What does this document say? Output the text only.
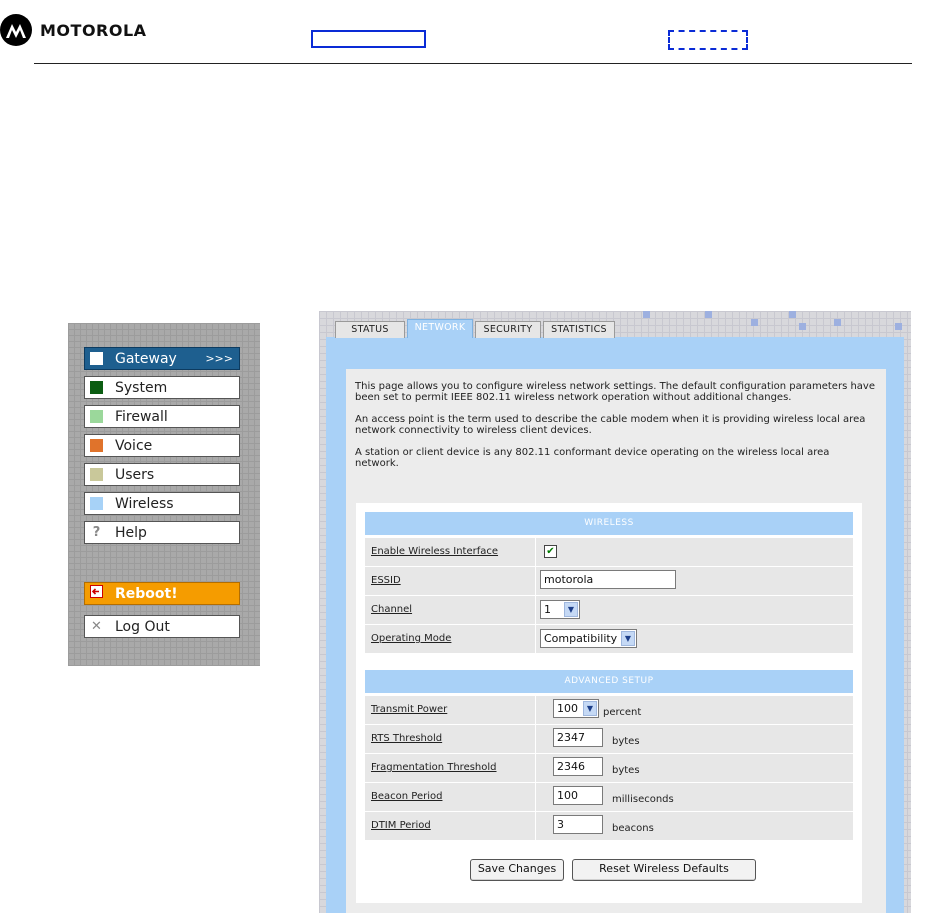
MOTOROLA
Gateway	>>>
System
Firewall
Voice
Users
Wireless
? Help
Reboot!
✕ Log Out
STATUS	NETWORK	SECURITY	STATISTICS

This page allows you to configure wireless network settings. The default configuration parameters have been set to permit IEEE 802.11 wireless network operation without additional changes.

An access point is the term used to describe the cable modem when it is providing wireless local area network connectivity to wireless client devices.

A station or client device is any 802.11 conformant device operating on the wireless local area network.

WIRELESS
Enable Wireless Interface	✔
ESSID	motorola
Channel	1	▼
Operating Mode	Compatibility ▼
ADVANCED SETUP
Transmit Power	100	▼ percent
RTS Threshold	2347	bytes
Fragmentation Threshold	2346	bytes
Beacon Period	100	milliseconds
DTIM Period	3	beacons
Save Changes	Reset Wireless Defaults
